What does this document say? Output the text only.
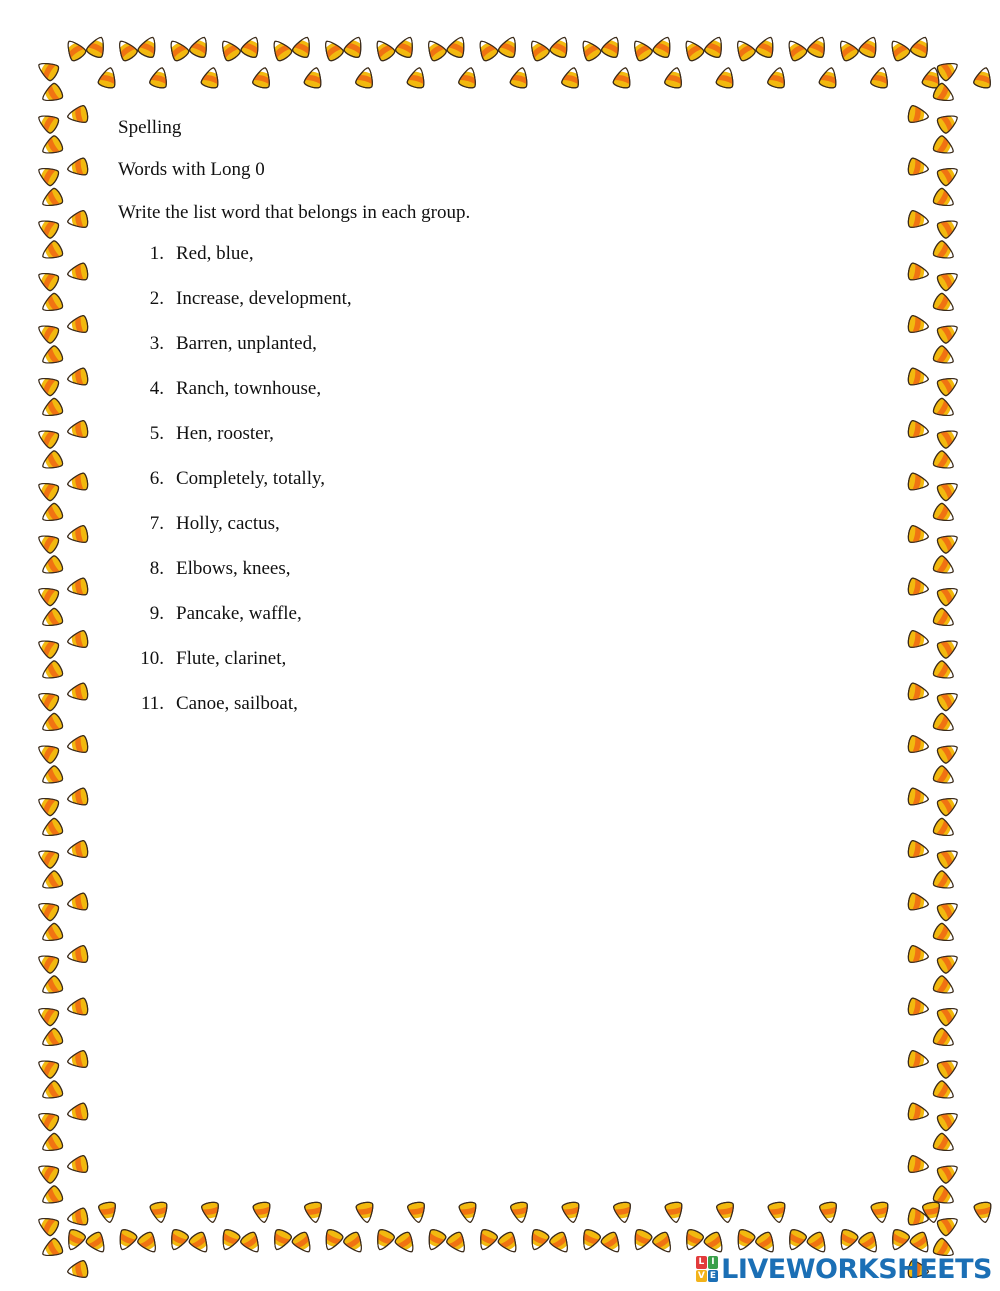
Spelling
Words with Long 0
Write the list word that belongs in each group.
1. Red, blue,
2. Increase, development,
3. Barren, unplanted,
4. Ranch, townhouse,
5. Hen, rooster,
6. Completely, totally,
7. Holly, cactus,
8. Elbows, knees,
9. Pancake, waffle,
10. Flute, clarinet,
11. Canoe, sailboat,
L I
V E LIVEWORKSHEETS
